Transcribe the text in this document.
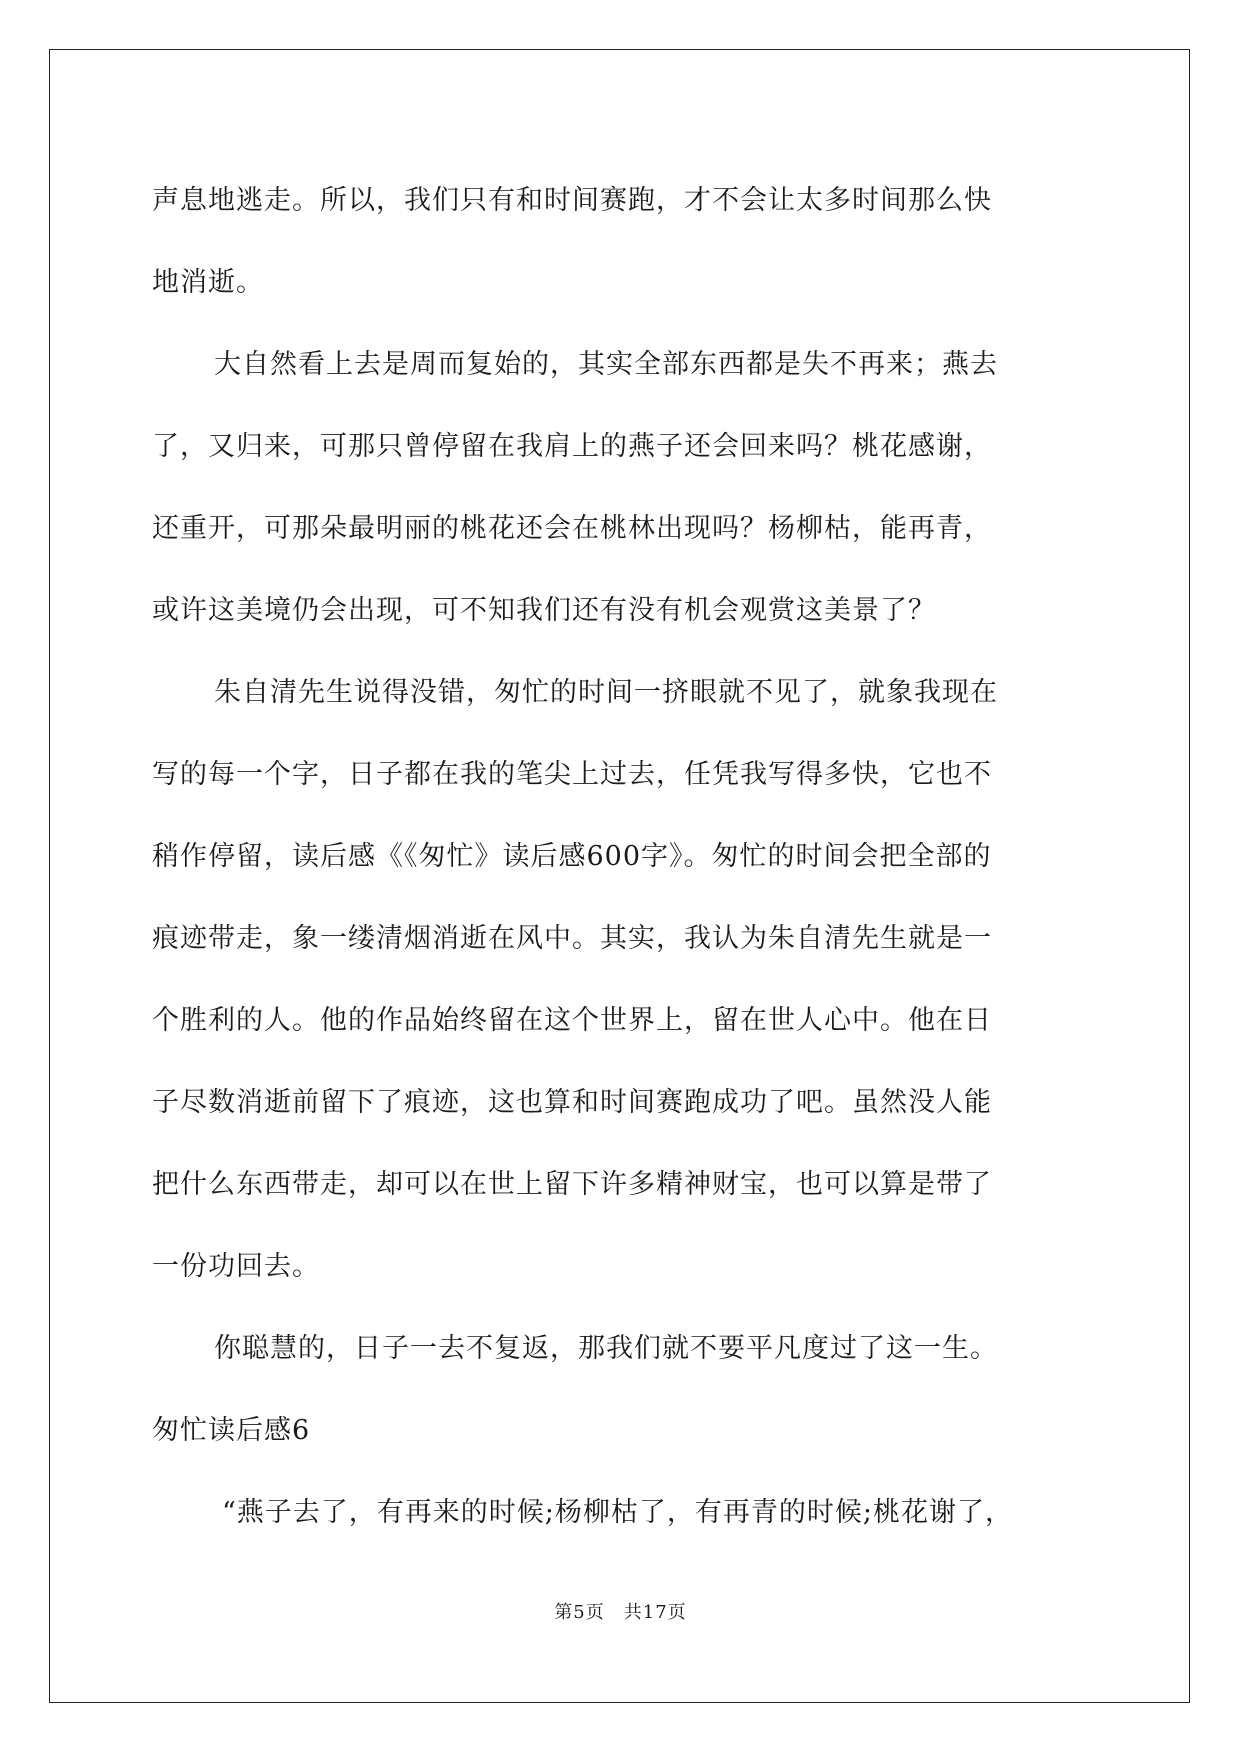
声息地逃走。所以，我们只有和时间赛跑，才不会让太多时间那么快
地消逝。
大自然看上去是周而复始的，其实全部东西都是失不再来；燕去
了，又归来，可那只曾停留在我肩上的燕子还会回来吗？桃花感谢，
还重开，可那朵最明丽的桃花还会在桃林出现吗？杨柳枯，能再青，
或许这美境仍会出现，可不知我们还有没有机会观赏这美景了？
朱自清先生说得没错，匆忙的时间一挤眼就不见了，就象我现在
写的每一个字，日子都在我的笔尖上过去，任凭我写得多快，它也不
稍作停留，读后感《《匆忙》读后感600字》。匆忙的时间会把全部的
痕迹带走，象一缕清烟消逝在风中。其实，我认为朱自清先生就是一
个胜利的人。他的作品始终留在这个世界上，留在世人心中。他在日
子尽数消逝前留下了痕迹，这也算和时间赛跑成功了吧。虽然没人能
把什么东西带走，却可以在世上留下许多精神财宝，也可以算是带了
一份功回去。
你聪慧的，日子一去不复返，那我们就不要平凡度过了这一生。
匆忙读后感6
“燕子去了，有再来的时候;杨柳枯了，有再青的时候;桃花谢了，
第5页　共17页
